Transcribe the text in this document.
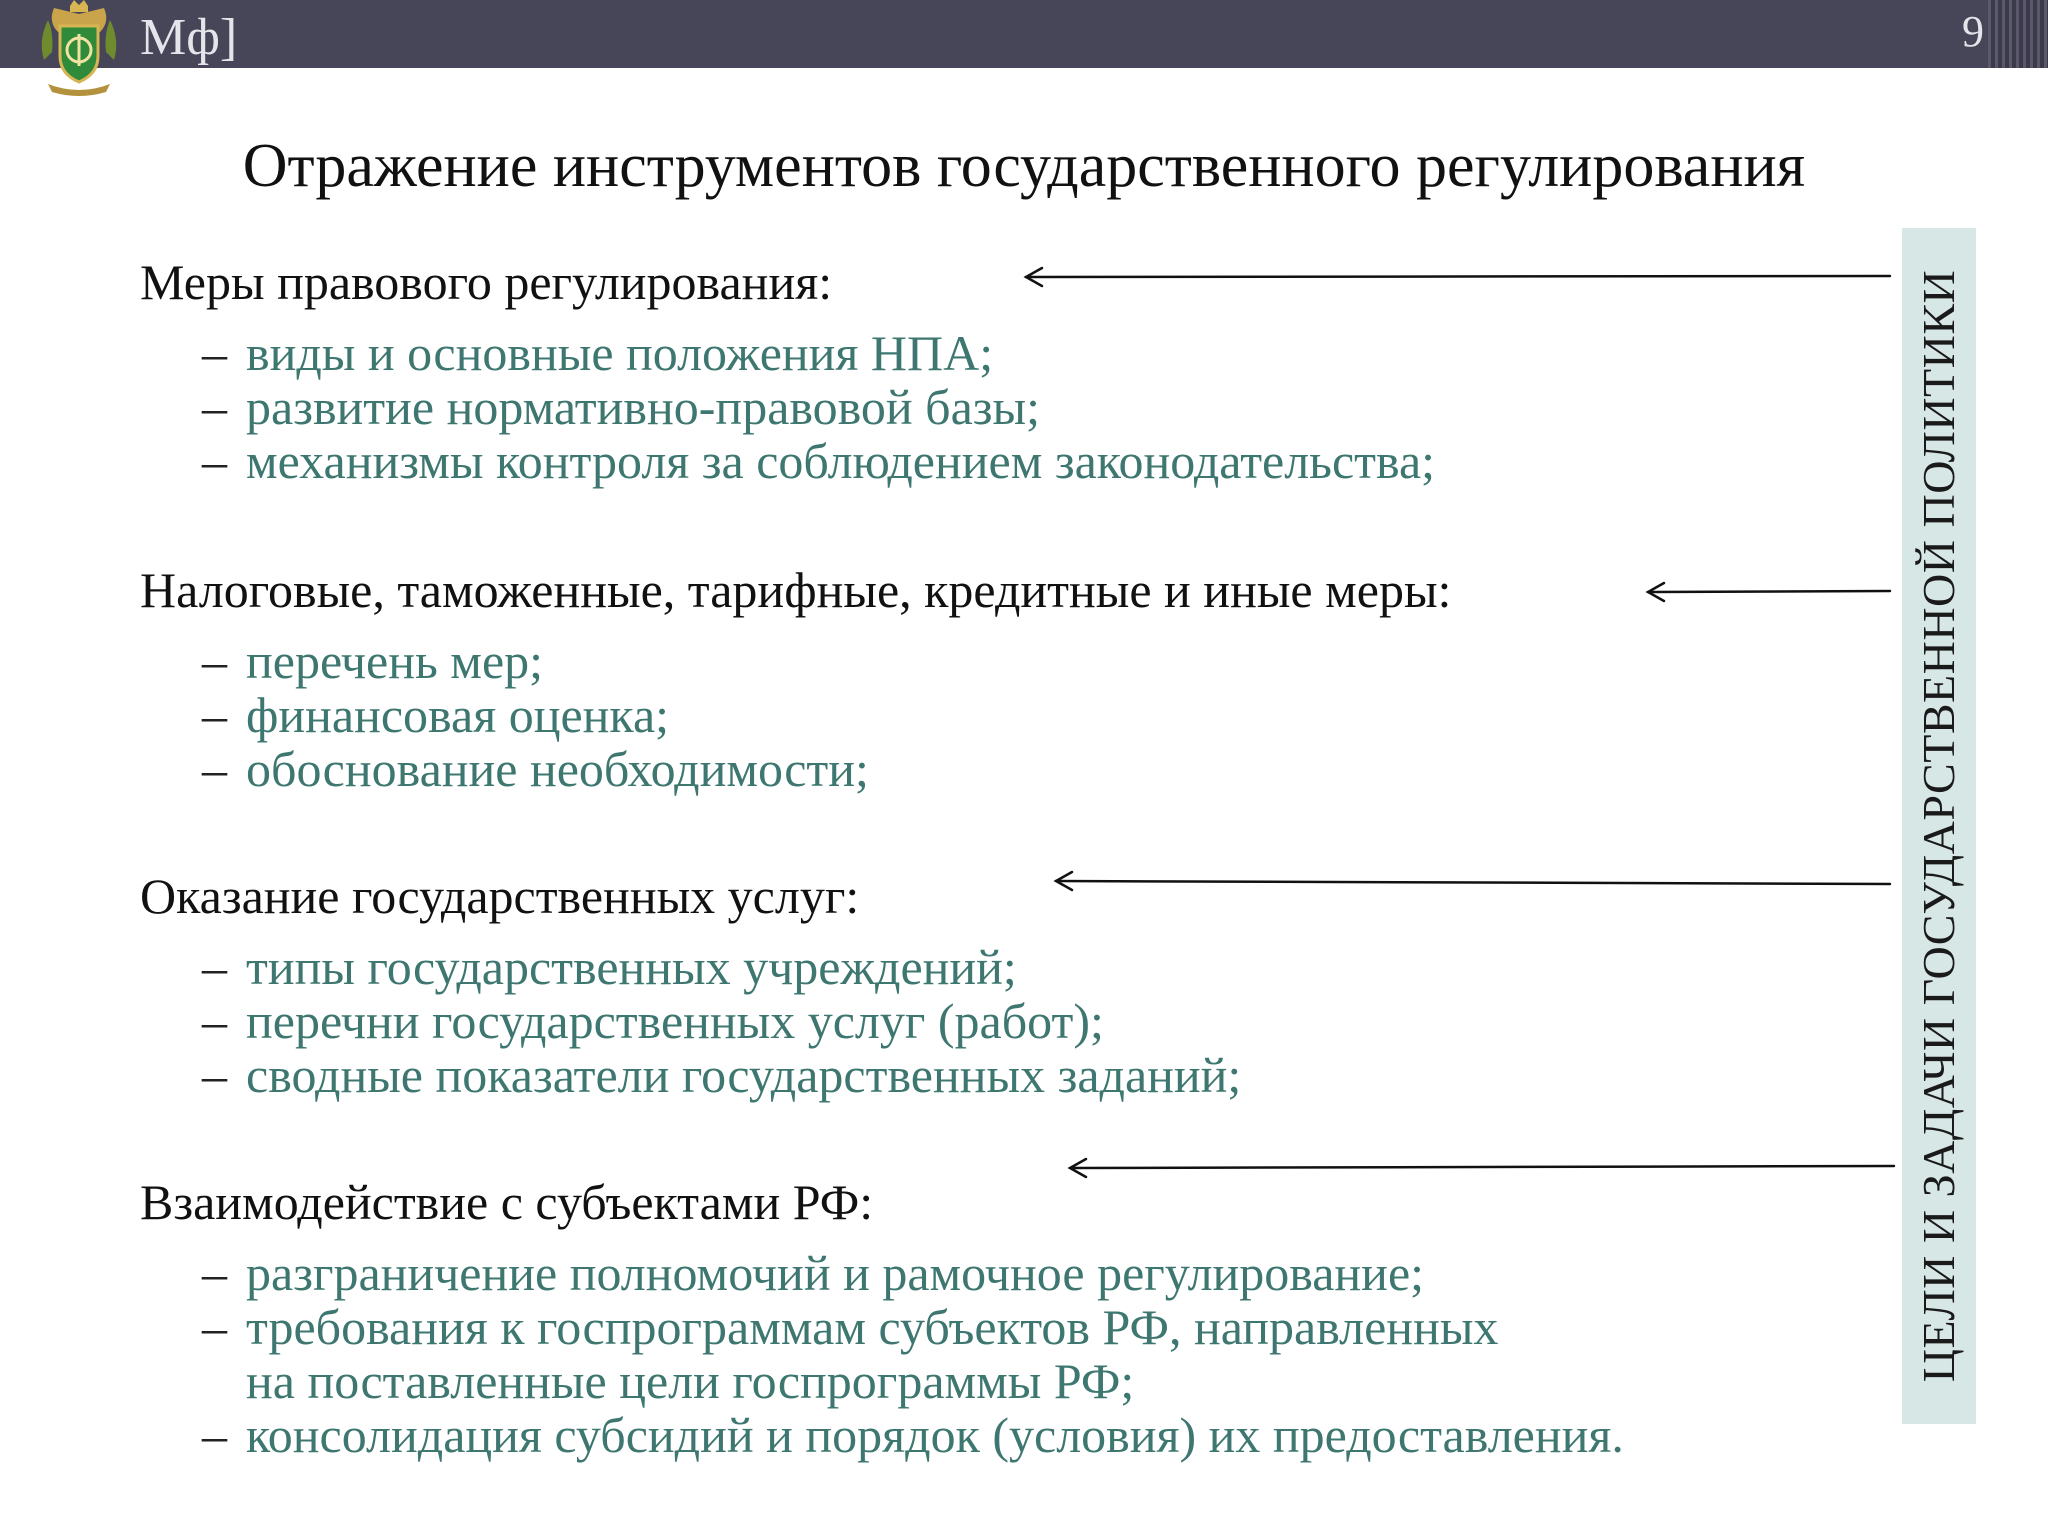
Мф]	9
Отражение инструментов государственного регулирования
Меры правового регулирования:
– виды и основные положения НПА;
– развитие нормативно-правовой базы;
– механизмы контроля за соблюдением законодательства;
Налоговые, таможенные, тарифные, кредитные и иные меры:
– перечень мер;
– финансовая оценка;
– обоснование необходимости;
Оказание государственных услуг:
– типы государственных учреждений;
– перечни государственных услуг (работ);
– сводные показатели государственных заданий;
Взаимодействие с субъектами РФ:
– разграничение полномочий и рамочное регулирование;
– требования к госпрограммам субъектов РФ, направленных
на поставленные цели госпрограммы РФ;
– консолидация субсидий и порядок (условия) их предоставления.
ЦЕЛИ И ЗАДАЧИ ГОСУДАРСТВЕННОЙ ПОЛИТИКИ
